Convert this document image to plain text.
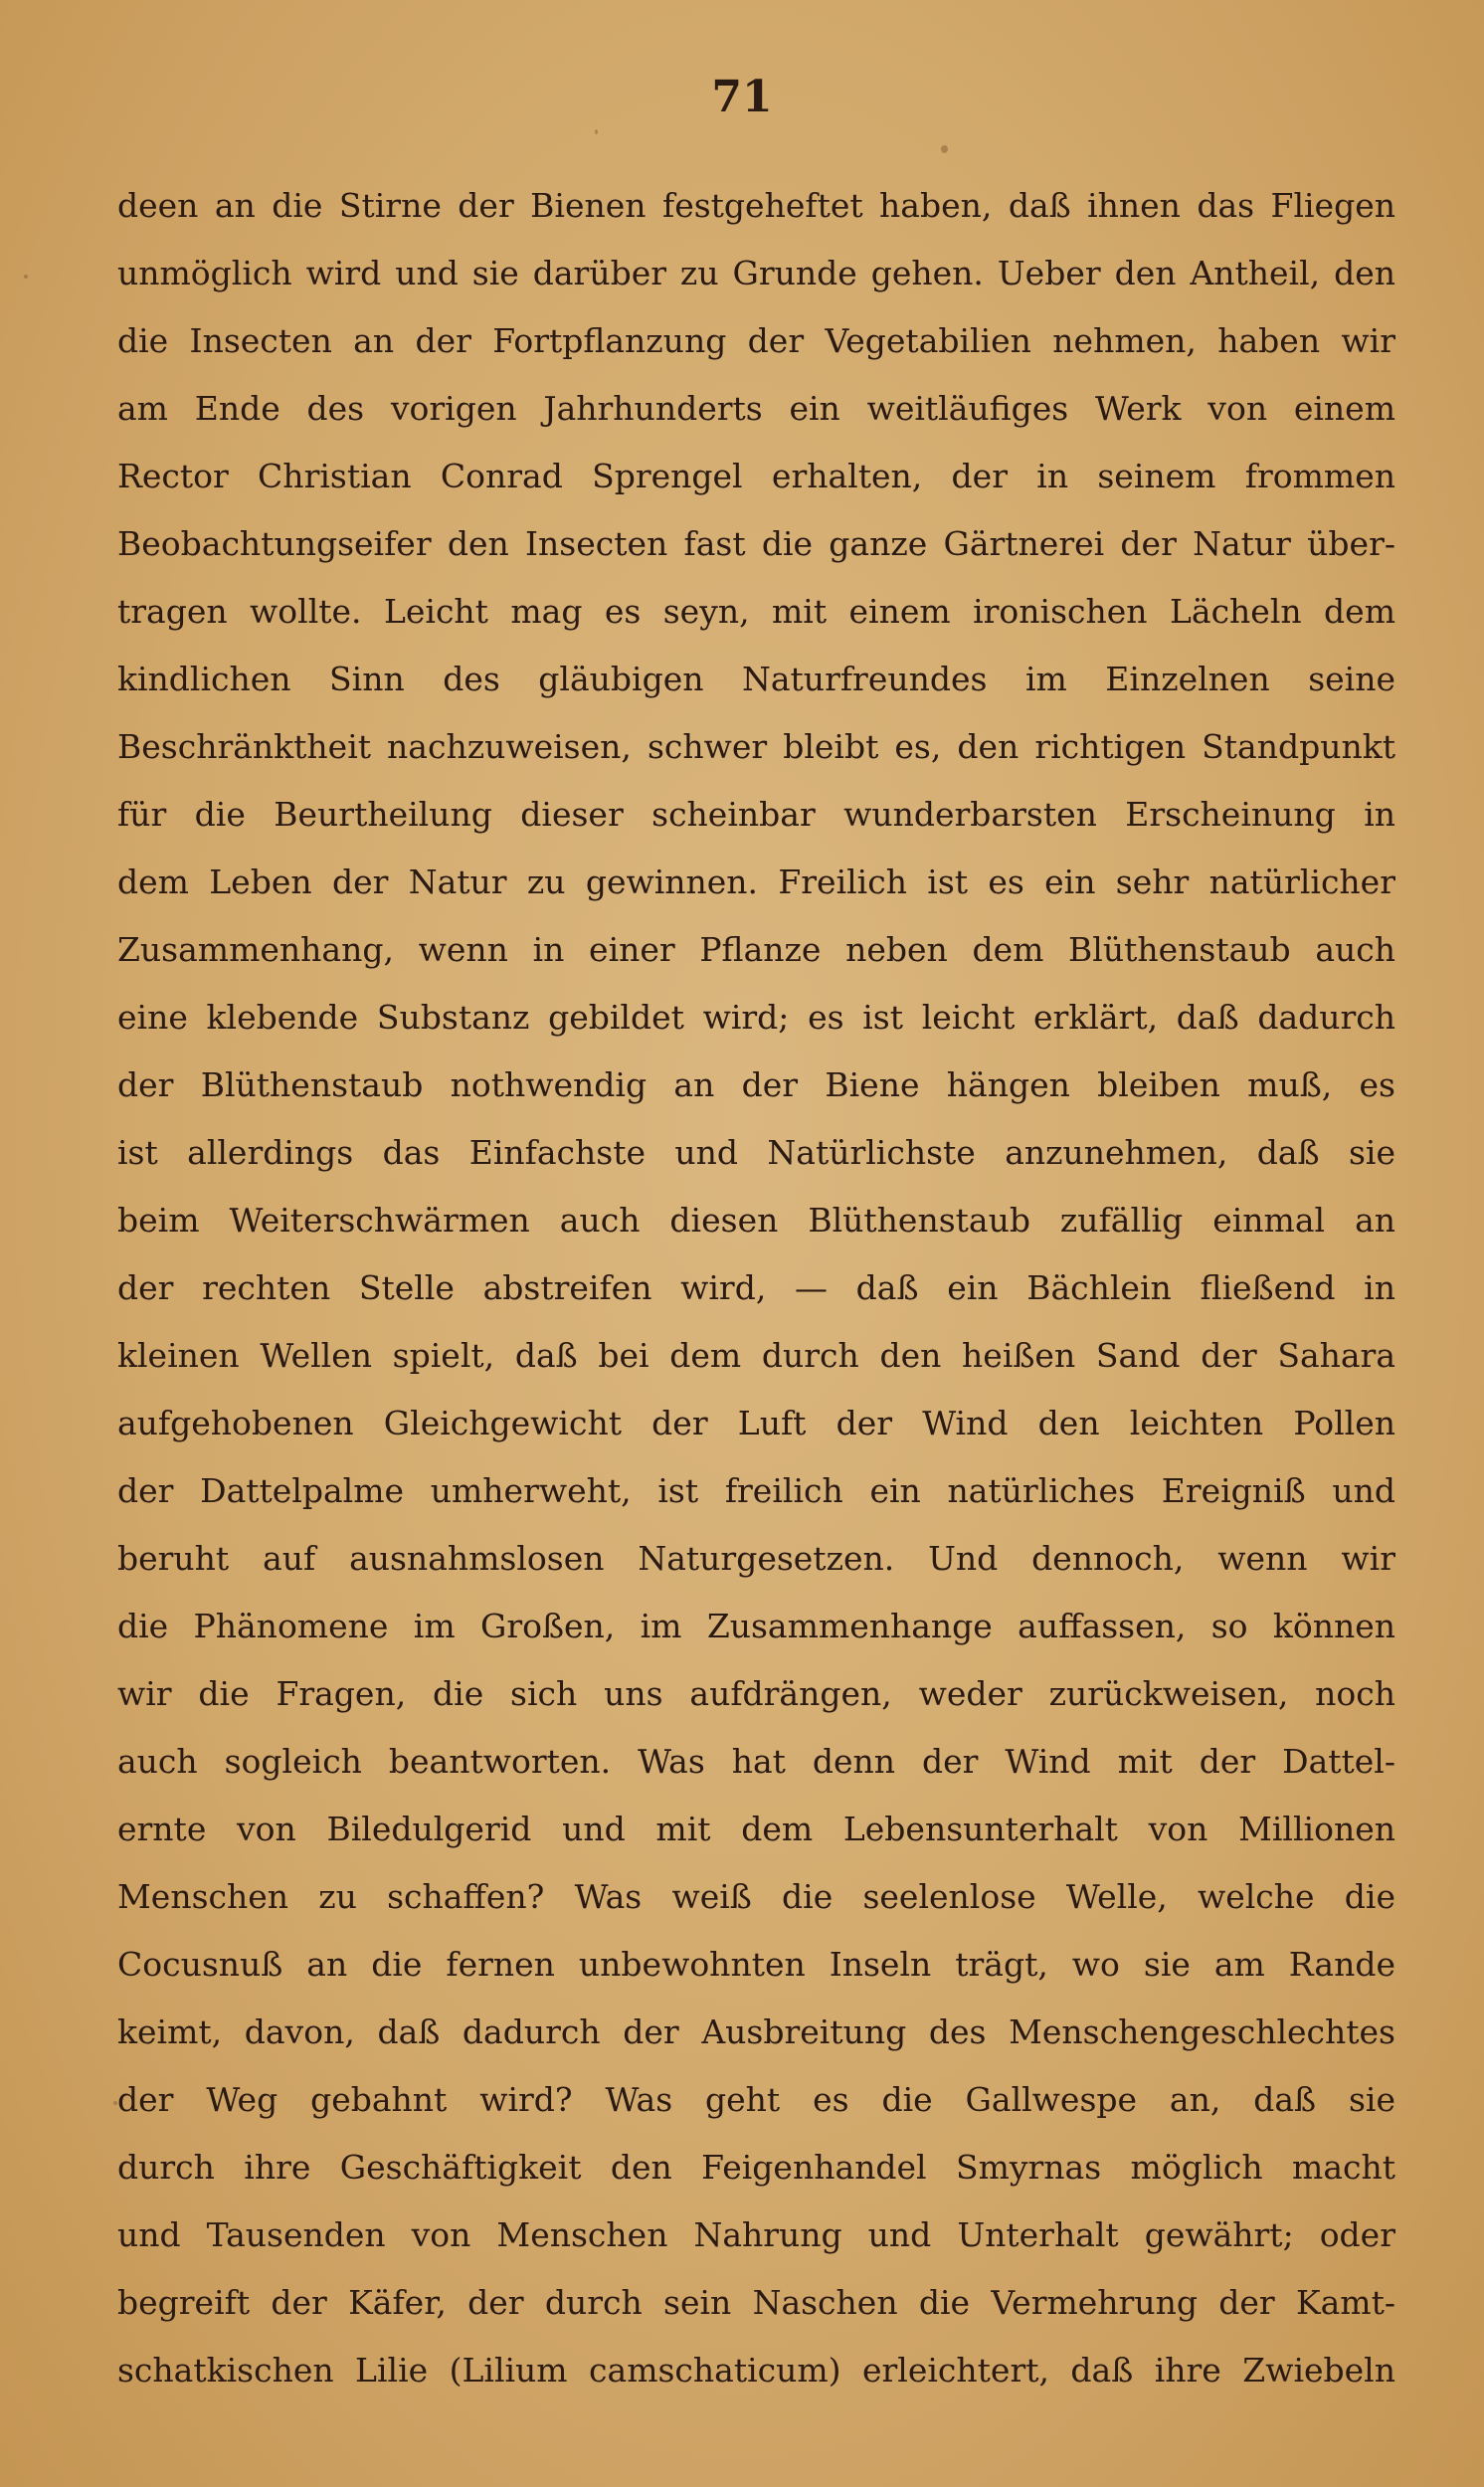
71
deen an die Stirne der Bienen festgeheftet haben, daß ihnen das Fliegen
unmöglich wird und sie darüber zu Grunde gehen. Ueber den Antheil, den
die Insecten an der Fortpflanzung der Vegetabilien nehmen, haben wir
am Ende des vorigen Jahrhunderts ein weitläufiges Werk von einem
Rector Christian Conrad Sprengel erhalten, der in seinem frommen
Beobachtungseifer den Insecten fast die ganze Gärtnerei der Natur über-
tragen wollte. Leicht mag es seyn, mit einem ironischen Lächeln dem
kindlichen Sinn des gläubigen Naturfreundes im Einzelnen seine
Beschränktheit nachzuweisen, schwer bleibt es, den richtigen Standpunkt
für die Beurtheilung dieser scheinbar wunderbarsten Erscheinung in
dem Leben der Natur zu gewinnen. Freilich ist es ein sehr natürlicher
Zusammenhang, wenn in einer Pflanze neben dem Blüthenstaub auch
eine klebende Substanz gebildet wird; es ist leicht erklärt, daß dadurch
der Blüthenstaub nothwendig an der Biene hängen bleiben muß, es
ist allerdings das Einfachste und Natürlichste anzunehmen, daß sie
beim Weiterschwärmen auch diesen Blüthenstaub zufällig einmal an
der rechten Stelle abstreifen wird, — daß ein Bächlein fließend in
kleinen Wellen spielt, daß bei dem durch den heißen Sand der Sahara
aufgehobenen Gleichgewicht der Luft der Wind den leichten Pollen
der Dattelpalme umherweht, ist freilich ein natürliches Ereigniß und
beruht auf ausnahmslosen Naturgesetzen. Und dennoch, wenn wir
die Phänomene im Großen, im Zusammenhange auffassen, so können
wir die Fragen, die sich uns aufdrängen, weder zurückweisen, noch
auch sogleich beantworten. Was hat denn der Wind mit der Dattel-
ernte von Biledulgerid und mit dem Lebensunterhalt von Millionen
Menschen zu schaffen? Was weiß die seelenlose Welle, welche die
Cocusnuß an die fernen unbewohnten Inseln trägt, wo sie am Rande
keimt, davon, daß dadurch der Ausbreitung des Menschengeschlechtes
der Weg gebahnt wird? Was geht es die Gallwespe an, daß sie
durch ihre Geschäftigkeit den Feigenhandel Smyrnas möglich macht
und Tausenden von Menschen Nahrung und Unterhalt gewährt; oder
begreift der Käfer, der durch sein Naschen die Vermehrung der Kamt-
schatkischen Lilie (Lilium camschaticum) erleichtert, daß ihre Zwiebeln
